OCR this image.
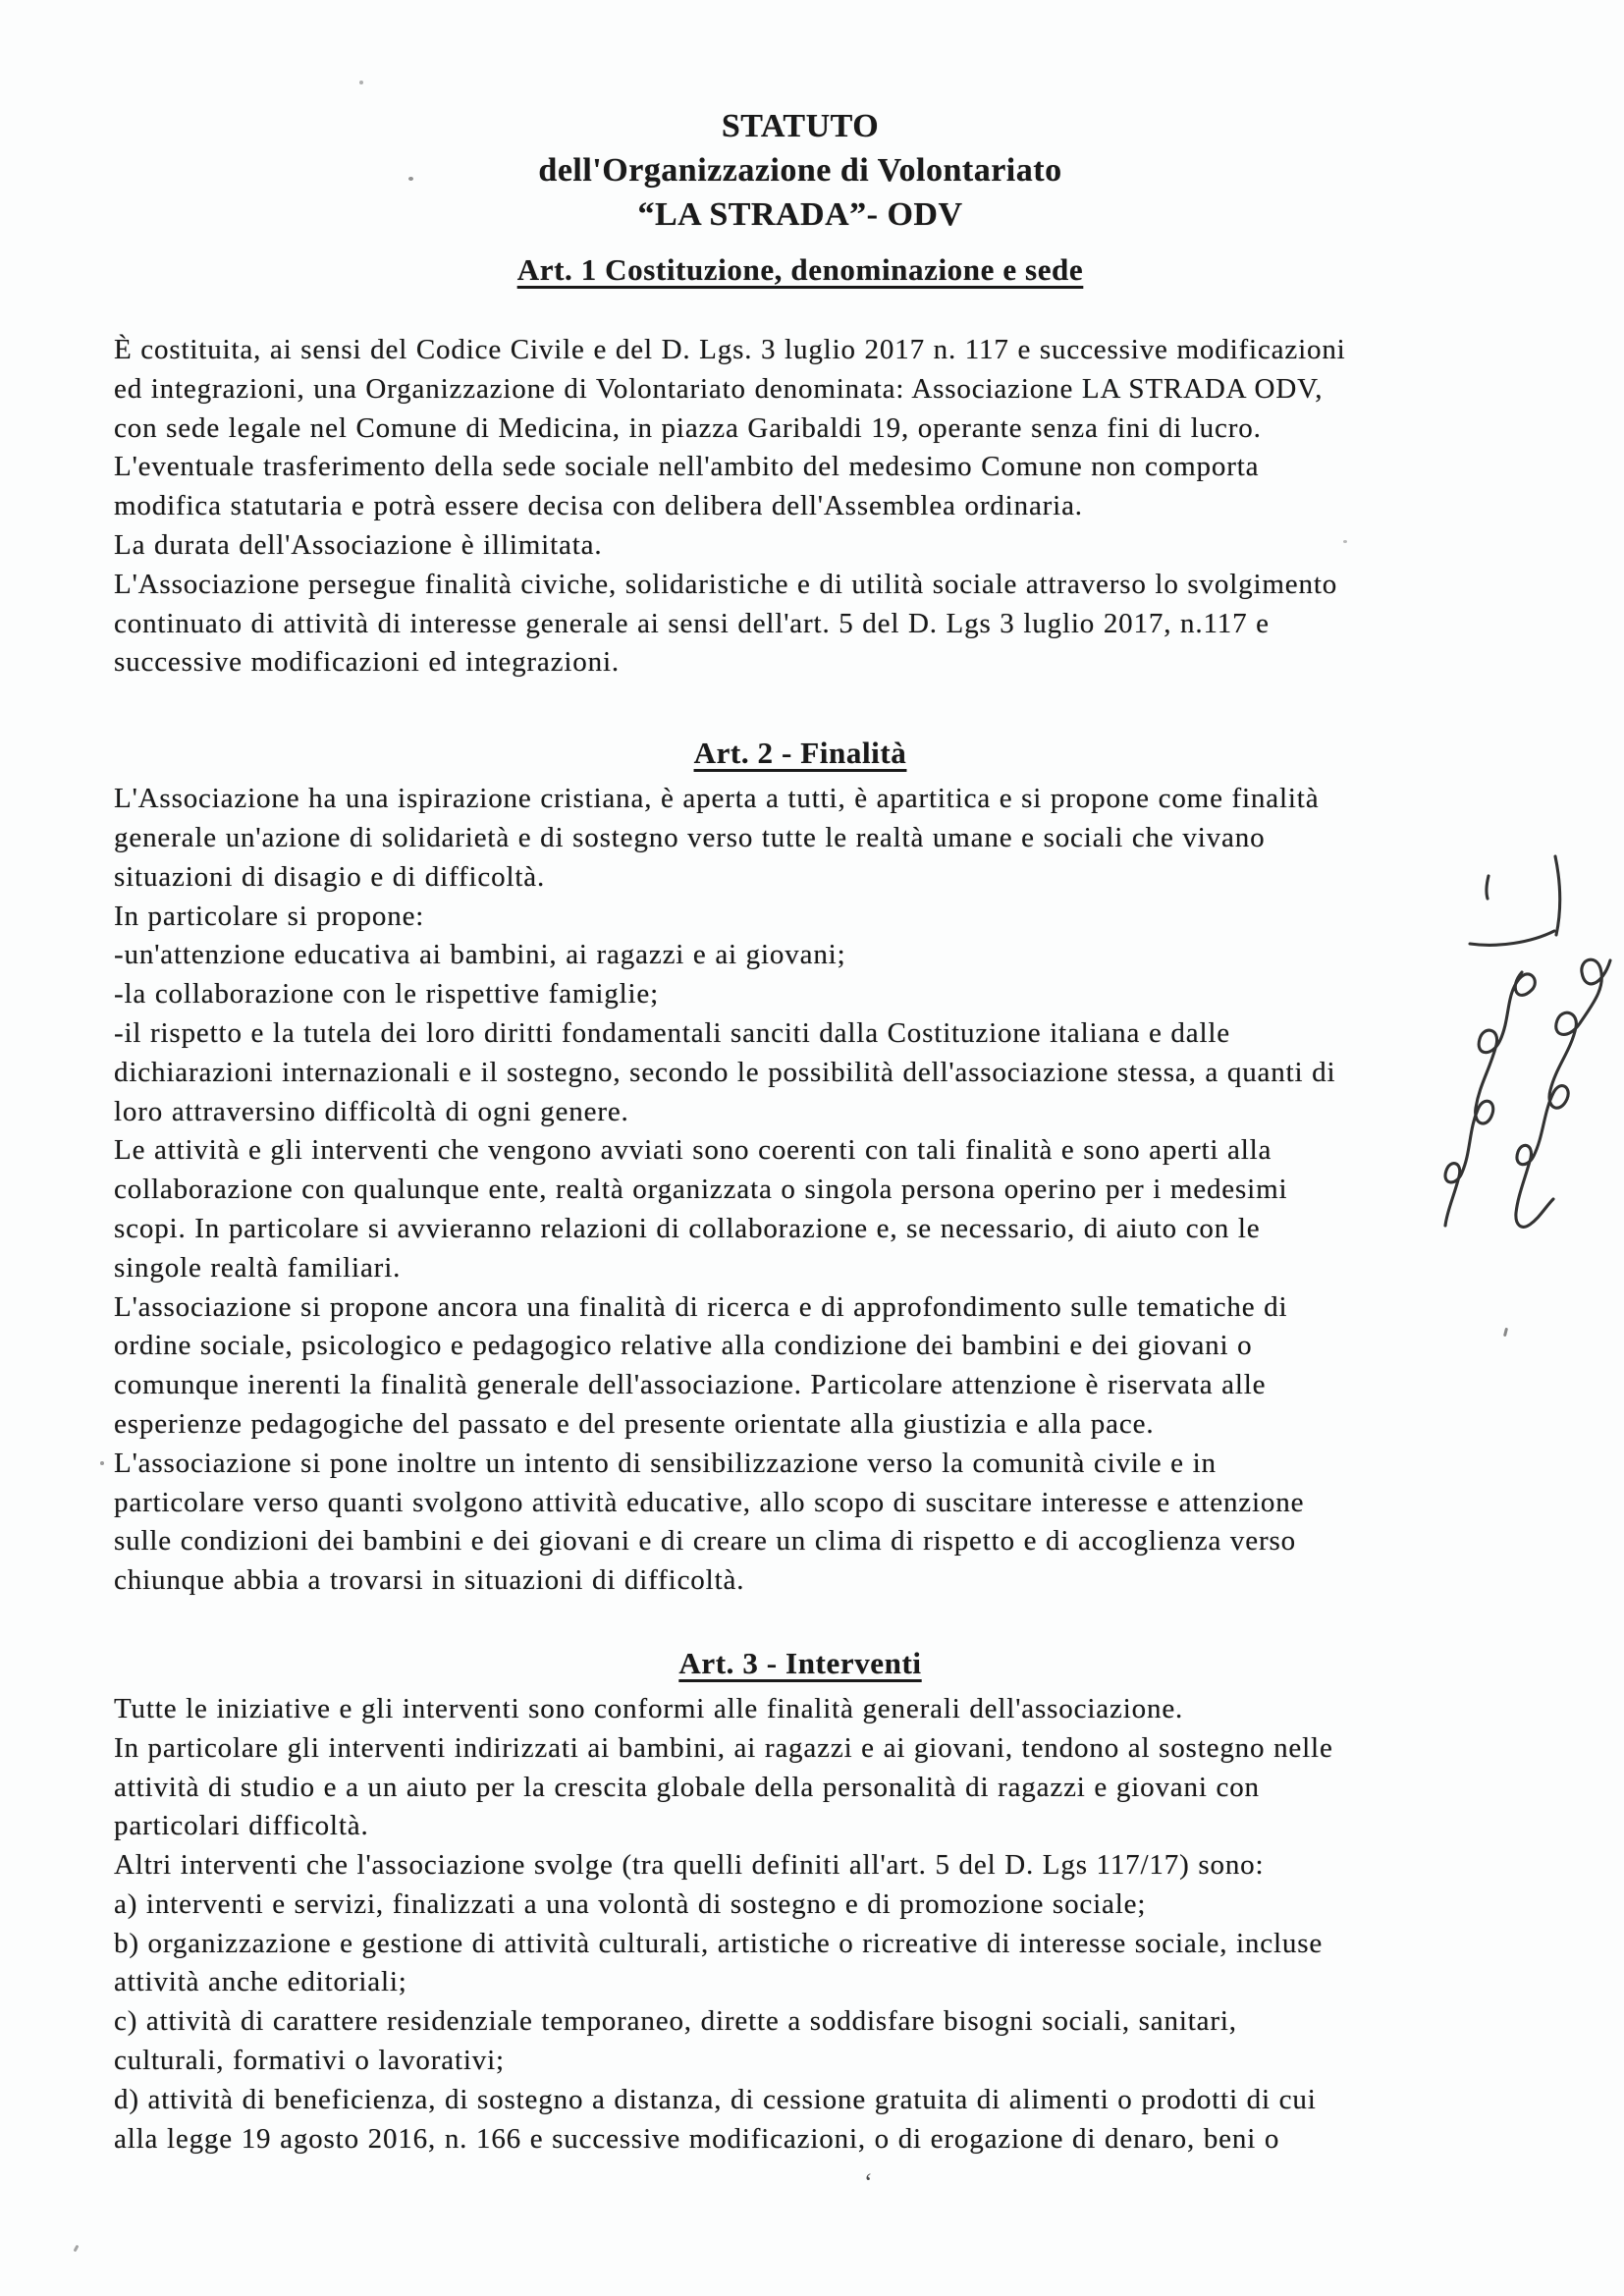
STATUTO
dell'Organizzazione di Volontariato
“LA STRADA”- ODV
Art. 1 Costituzione, denominazione e sede
È costituita, ai sensi del Codice Civile e del D. Lgs. 3 luglio 2017 n. 117 e successive modificazioni
ed integrazioni, una Organizzazione di Volontariato denominata: Associazione LA STRADA ODV,
con sede legale nel Comune di Medicina, in piazza Garibaldi 19, operante senza fini di lucro.
L'eventuale trasferimento della sede sociale nell'ambito del medesimo Comune non comporta
modifica statutaria e potrà essere decisa con delibera dell'Assemblea ordinaria.
La durata dell'Associazione è illimitata.
L'Associazione persegue finalità civiche, solidaristiche e di utilità sociale attraverso lo svolgimento
continuato di attività di interesse generale ai sensi dell'art. 5 del D. Lgs 3 luglio 2017, n.117 e
successive modificazioni ed integrazioni.
Art. 2 - Finalità
L'Associazione ha una ispirazione cristiana, è aperta a tutti, è apartitica e si propone come finalità
generale un'azione di solidarietà e di sostegno verso tutte le realtà umane e sociali che vivano
situazioni di disagio e di difficoltà.
In particolare si propone:
-un'attenzione educativa ai bambini, ai ragazzi e ai giovani;
-la collaborazione con le rispettive famiglie;
-il rispetto e la tutela dei loro diritti fondamentali sanciti dalla Costituzione italiana e dalle
dichiarazioni internazionali e il sostegno, secondo le possibilità dell'associazione stessa, a quanti di
loro attraversino difficoltà di ogni genere.
Le attività e gli interventi che vengono avviati sono coerenti con tali finalità e sono aperti alla
collaborazione con qualunque ente, realtà organizzata o singola persona operino per i medesimi
scopi. In particolare si avvieranno relazioni di collaborazione e, se necessario, di aiuto con le
singole realtà familiari.
L'associazione si propone ancora una finalità di ricerca e di approfondimento sulle tematiche di
ordine sociale, psicologico e pedagogico relative alla condizione dei bambini e dei giovani o
comunque inerenti la finalità generale dell'associazione. Particolare attenzione è riservata alle
esperienze pedagogiche del passato e del presente orientate alla giustizia e alla pace.
L'associazione si pone inoltre un intento di sensibilizzazione verso la comunità civile e in
particolare verso quanti svolgono attività educative, allo scopo di suscitare interesse e attenzione
sulle condizioni dei bambini e dei giovani e di creare un clima di rispetto e di accoglienza verso
chiunque abbia a trovarsi in situazioni di difficoltà.
Art. 3 - Interventi
Tutte le iniziative e gli interventi sono conformi alle finalità generali dell'associazione.
In particolare gli interventi indirizzati ai bambini, ai ragazzi e ai giovani, tendono al sostegno nelle
attività di studio e a un aiuto per la crescita globale della personalità di ragazzi e giovani con
particolari difficoltà.
Altri interventi che l'associazione svolge (tra quelli definiti all'art. 5 del D. Lgs 117/17) sono:
a) interventi e servizi, finalizzati a una volontà di sostegno e di promozione sociale;
b) organizzazione e gestione di attività culturali, artistiche o ricreative di interesse sociale, incluse
attività anche editoriali;
c) attività di carattere residenziale temporaneo, dirette a soddisfare bisogni sociali, sanitari,
culturali, formativi o lavorativi;
d) attività di beneficienza, di sostegno a distanza, di cessione gratuita di alimenti o prodotti di cui
alla legge 19 agosto 2016, n. 166 e successive modificazioni, o di erogazione di denaro, beni o
‘
